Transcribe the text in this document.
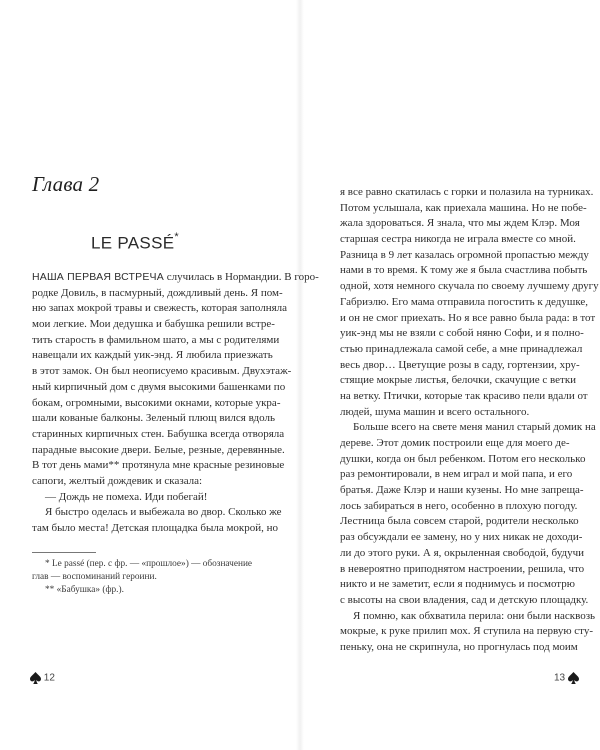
Глава 2
LE PASSÉ*
НАША ПЕРВАЯ ВСТРЕЧА случилась в Нормандии. В горо-
родке Довиль, в пасмурный, дождливый день. Я пом-
ню запах мокрой травы и свежесть, которая заполняла
мои легкие. Мои дедушка и бабушка решили встре-
тить старость в фамильном шато, а мы с родителями
навещали их каждый уик-энд. Я любила приезжать
в этот замок. Он был неописуемо красивым. Двухэтаж-
ный кирпичный дом с двумя высокими башенками по
бокам, огромными, высокими окнами, которые укра-
шали кованые балконы. Зеленый плющ вился вдоль
старинных кирпичных стен. Бабушка всегда отворяла
парадные высокие двери. Белые, резные, деревянные.
В тот день мами** протянула мне красные резиновые
сапоги, желтый дождевик и сказала:
— Дождь не помеха. Иди побегай!
Я быстро оделась и выбежала во двор. Сколько же
там было места! Детская площадка была мокрой, но
* Le passé (пер. с фр. — «прошлое») — обозначение
глав — воспоминаний героини.
** «Бабушка» (фр.).
12
я все равно скатилась с горки и полазила на турниках.
Потом услышала, как приехала машина. Но не побе-
жала здороваться. Я знала, что мы ждем Клэр. Моя
старшая сестра никогда не играла вместе со мной.
Разница в 9 лет казалась огромной пропастью между
нами в то время. К тому же я была счастлива побыть
одной, хотя немного скучала по своему лучшему другу
Габриэлю. Его мама отправила погостить к дедушке,
и он не смог приехать. Но я все равно была рада: в тот
уик-энд мы не взяли с собой няню Софи, и я полно-
стью принадлежала самой себе, а мне принадлежал
весь двор… Цветущие розы в саду, гортензии, хру-
стящие мокрые листья, белочки, скачущие с ветки
на ветку. Птички, которые так красиво пели вдали от
людей, шума машин и всего остального.
Больше всего на свете меня манил старый домик на
дереве. Этот домик построили еще для моего де-
душки, когда он был ребенком. Потом его несколько
раз ремонтировали, в нем играл и мой папа, и его
братья. Даже Клэр и наши кузены. Но мне запреща-
лось забираться в него, особенно в плохую погоду.
Лестница была совсем старой, родители несколько
раз обсуждали ее замену, но у них никак не доходи-
ли до этого руки. А я, окрыленная свободой, будучи
в невероятно приподнятом настроении, решила, что
никто и не заметит, если я поднимусь и посмотрю
с высоты на свои владения, сад и детскую площадку.
Я помню, как обхватила перила: они были насквозь
мокрые, к руке прилип мох. Я ступила на первую сту-
пеньку, она не скрипнула, но прогнулась под моим
13
